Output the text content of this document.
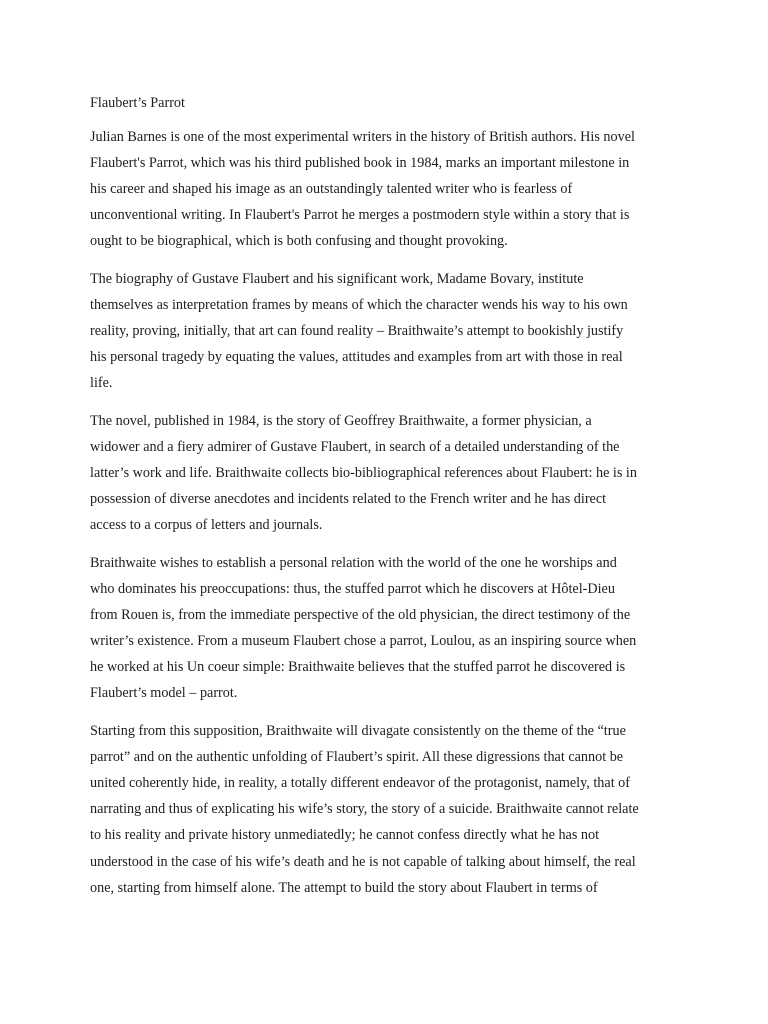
Flaubert’s Parrot
Julian Barnes is one of the most experimental writers in the history of British authors. His novel
Flaubert's Parrot, which was his third published book in 1984, marks an important milestone in
his career and shaped his image as an outstandingly talented writer who is fearless of
unconventional writing. In Flaubert's Parrot he merges a postmodern style within a story that is
ought to be biographical, which is both confusing and thought provoking.
The biography of Gustave Flaubert and his significant work, Madame Bovary, institute
themselves as interpretation frames by means of which the character wends his way to his own
reality, proving, initially, that art can found reality – Braithwaite’s attempt to bookishly justify
his personal tragedy by equating the values, attitudes and examples from art with those in real
life.
The novel, published in 1984, is the story of Geoffrey Braithwaite, a former physician, a
widower and a fiery admirer of Gustave Flaubert, in search of a detailed understanding of the
latter’s work and life. Braithwaite collects bio-bibliographical references about Flaubert: he is in
possession of diverse anecdotes and incidents related to the French writer and he has direct
access to a corpus of letters and journals.
Braithwaite wishes to establish a personal relation with the world of the one he worships and
who dominates his preoccupations: thus, the stuffed parrot which he discovers at Hôtel-Dieu
from Rouen is, from the immediate perspective of the old physician, the direct testimony of the
writer’s existence. From a museum Flaubert chose a parrot, Loulou, as an inspiring source when
he worked at his Un coeur simple: Braithwaite believes that the stuffed parrot he discovered is
Flaubert’s model – parrot.
Starting from this supposition, Braithwaite will divagate consistently on the theme of the “true
parrot” and on the authentic unfolding of Flaubert’s spirit. All these digressions that cannot be
united coherently hide, in reality, a totally different endeavor of the protagonist, namely, that of
narrating and thus of explicating his wife’s story, the story of a suicide. Braithwaite cannot relate
to his reality and private history unmediatedly; he cannot confess directly what he has not
understood in the case of his wife’s death and he is not capable of talking about himself, the real
one, starting from himself alone. The attempt to build the story about Flaubert in terms of
